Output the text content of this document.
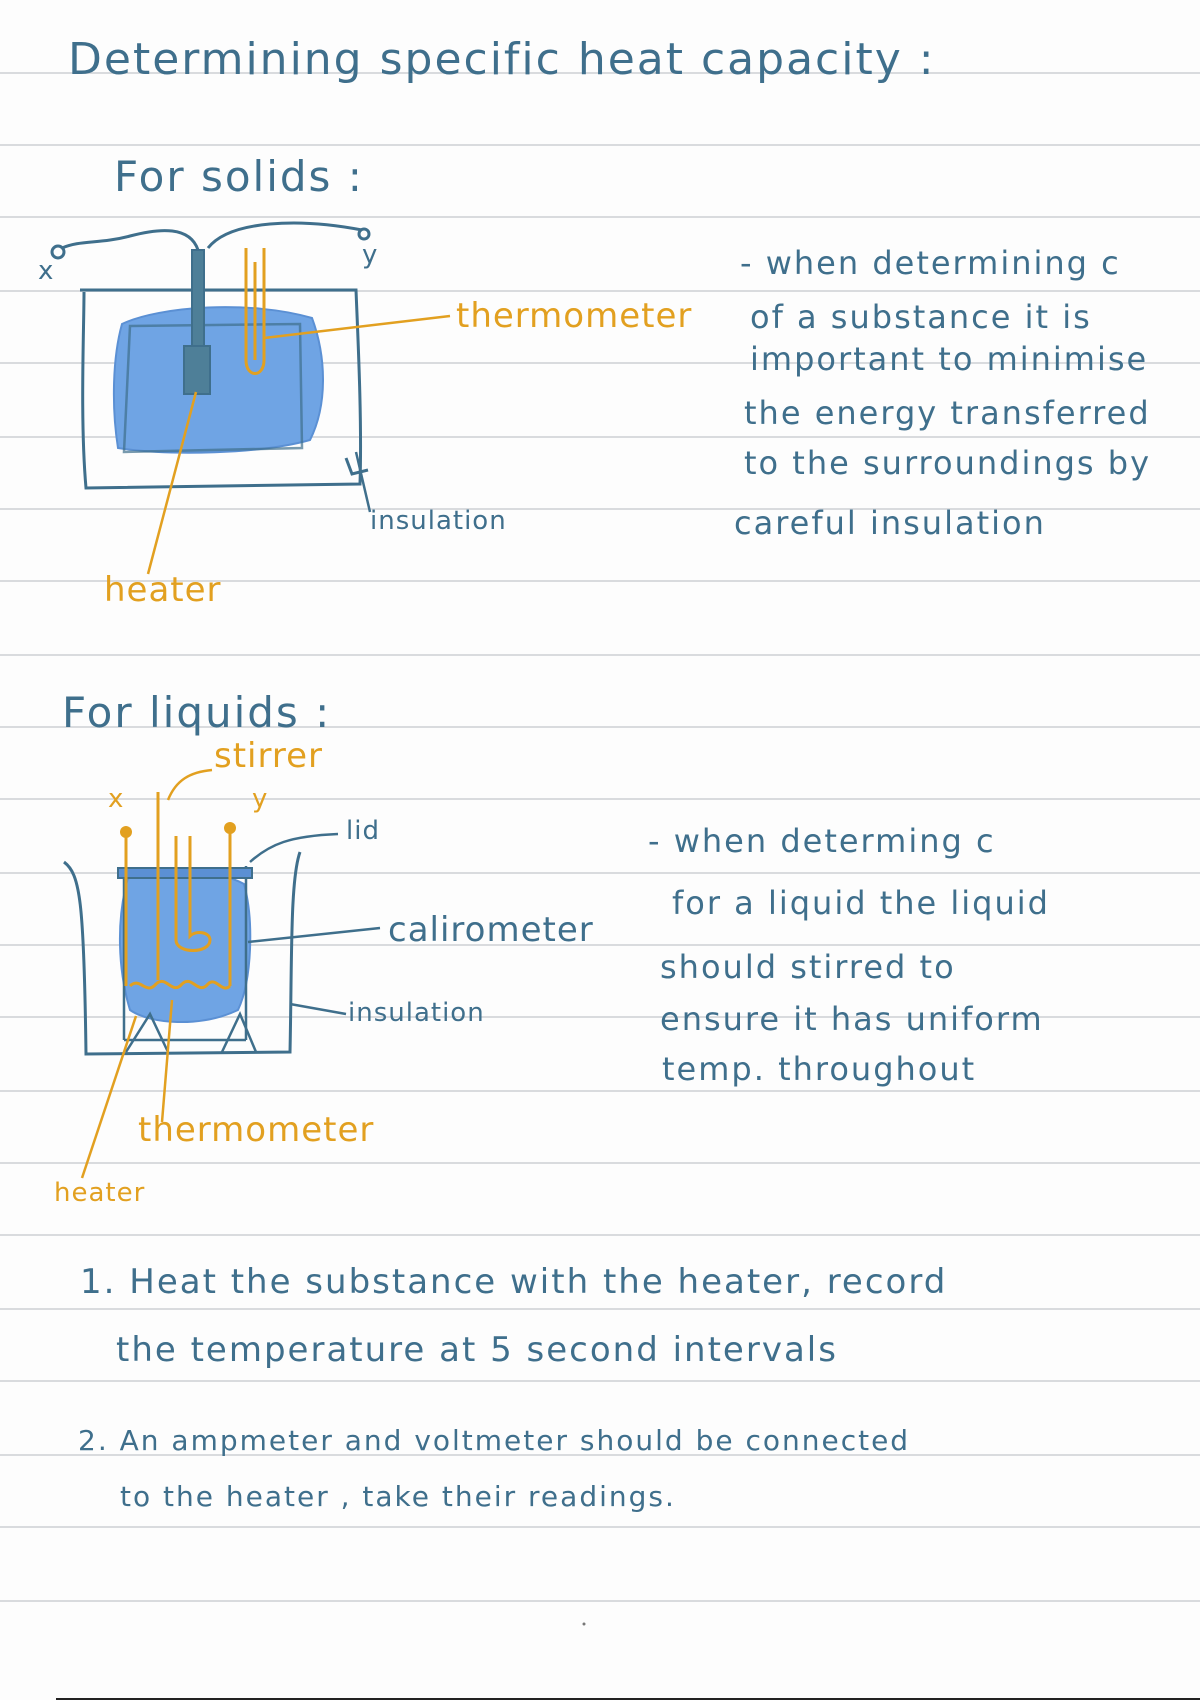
Determining specific heat capacity :
For solids :
x
y
thermometer
insulation
heater
- when determining c
of a substance it is
important to minimise
the energy transferred
to the surroundings by
careful insulation
For liquids :
stirrer
x	y
lid
calirometer
insulation
thermometer
heater
- when determing c
for a liquid the liquid
should stirred to
ensure it has uniform
temp. throughout
1. Heat the substance with the heater, record
the temperature at 5 second intervals
2. An ampmeter and voltmeter should be connected
to the heater , take their readings.
